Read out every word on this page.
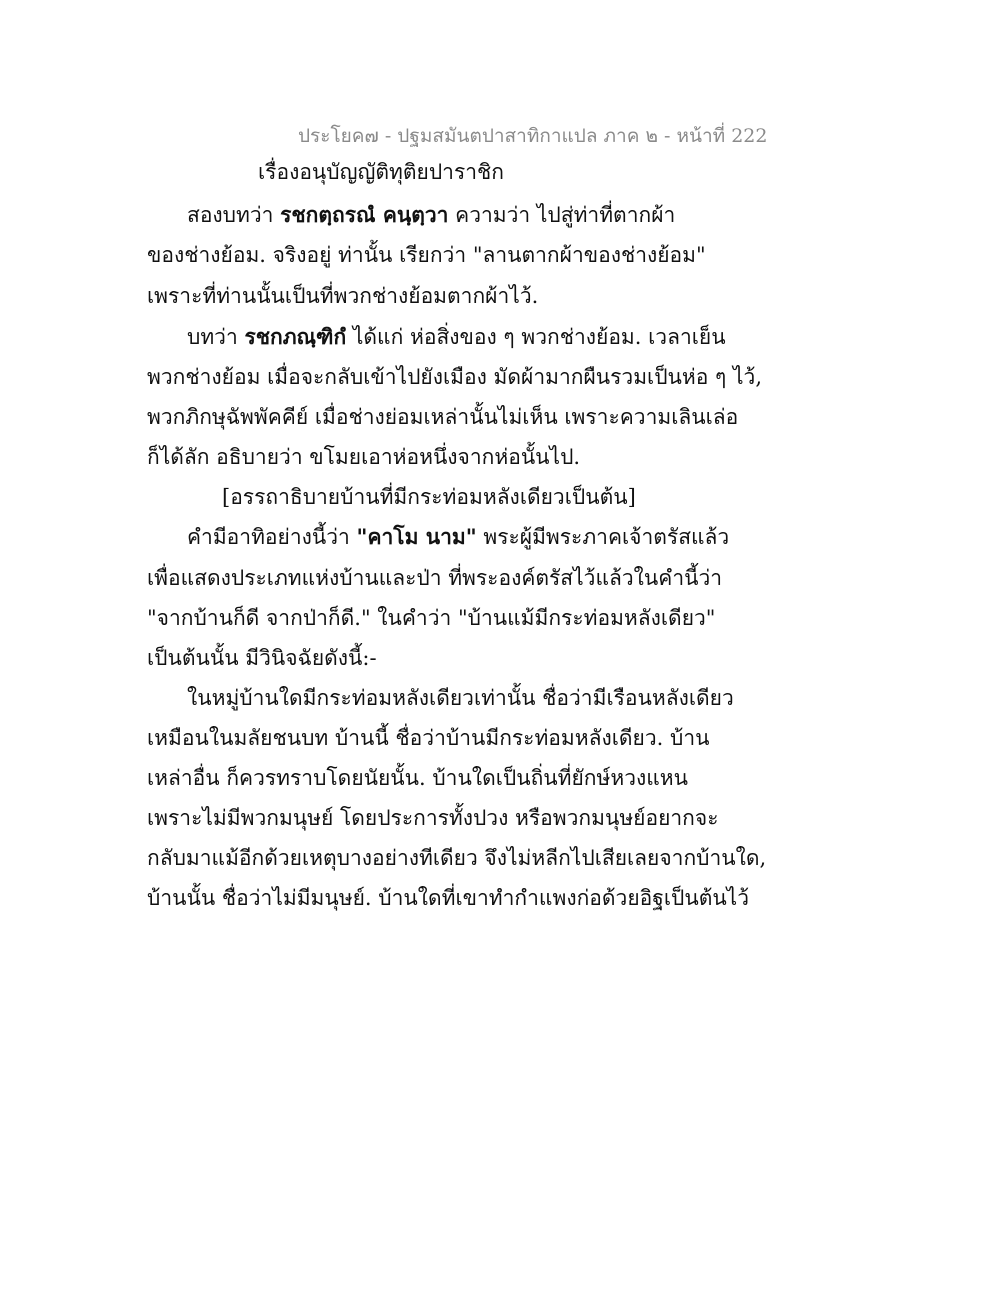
ประโยค๗ - ปฐมสมันตปาสาทิกาแปล ภาค ๒ - หน้าที่ 222
เรื่องอนุบัญญัติทุติยปาราชิก
สองบทว่า รชกตฺถรณํ คนฺตฺวา ความว่า ไปสู่ท่าที่ตากผ้า
ของช่างย้อม. จริงอยู่ ท่านั้น เรียกว่า "ลานตากผ้าของช่างย้อม"
เพราะที่ท่านนั้นเป็นที่พวกช่างย้อมตากผ้าไว้.
บทว่า รชกภณฺฑิกํ ได้แก่ ห่อสิ่งของ ๆ พวกช่างย้อม. เวลาเย็น
พวกช่างย้อม เมื่อจะกลับเข้าไปยังเมือง มัดผ้ามากผืนรวมเป็นห่อ ๆ ไว้,
พวกภิกษุฉัพพัคคีย์ เมื่อช่างย่อมเหล่านั้นไม่เห็น เพราะความเลินเล่อ
ก็ได้ลัก อธิบายว่า ขโมยเอาห่อหนึ่งจากห่อนั้นไป.
[อรรถาธิบายบ้านที่มีกระท่อมหลังเดียวเป็นต้น]
คำมีอาทิอย่างนี้ว่า "คาโม นาม" พระผู้มีพระภาคเจ้าตรัสแล้ว
เพื่อแสดงประเภทแห่งบ้านและป่า ที่พระองค์ตรัสไว้แล้วในคำนี้ว่า
"จากบ้านก็ดี จากป่าก็ดี." ในคำว่า "บ้านแม้มีกระท่อมหลังเดียว"
เป็นต้นนั้น มีวินิจฉัยดังนี้:-
ในหมู่บ้านใดมีกระท่อมหลังเดียวเท่านั้น ชื่อว่ามีเรือนหลังเดียว
เหมือนในมลัยชนบท บ้านนี้ ชื่อว่าบ้านมีกระท่อมหลังเดียว. บ้าน
เหล่าอื่น ก็ควรทราบโดยนัยนั้น. บ้านใดเป็นถิ่นที่ยักษ์หวงแหน
เพราะไม่มีพวกมนุษย์ โดยประการทั้งปวง หรือพวกมนุษย์อยากจะ
กลับมาแม้อีกด้วยเหตุบางอย่างทีเดียว จึงไม่หลีกไปเสียเลยจากบ้านใด,
บ้านนั้น ชื่อว่าไม่มีมนุษย์. บ้านใดที่เขาทำกำแพงก่อด้วยอิฐเป็นต้นไว้
